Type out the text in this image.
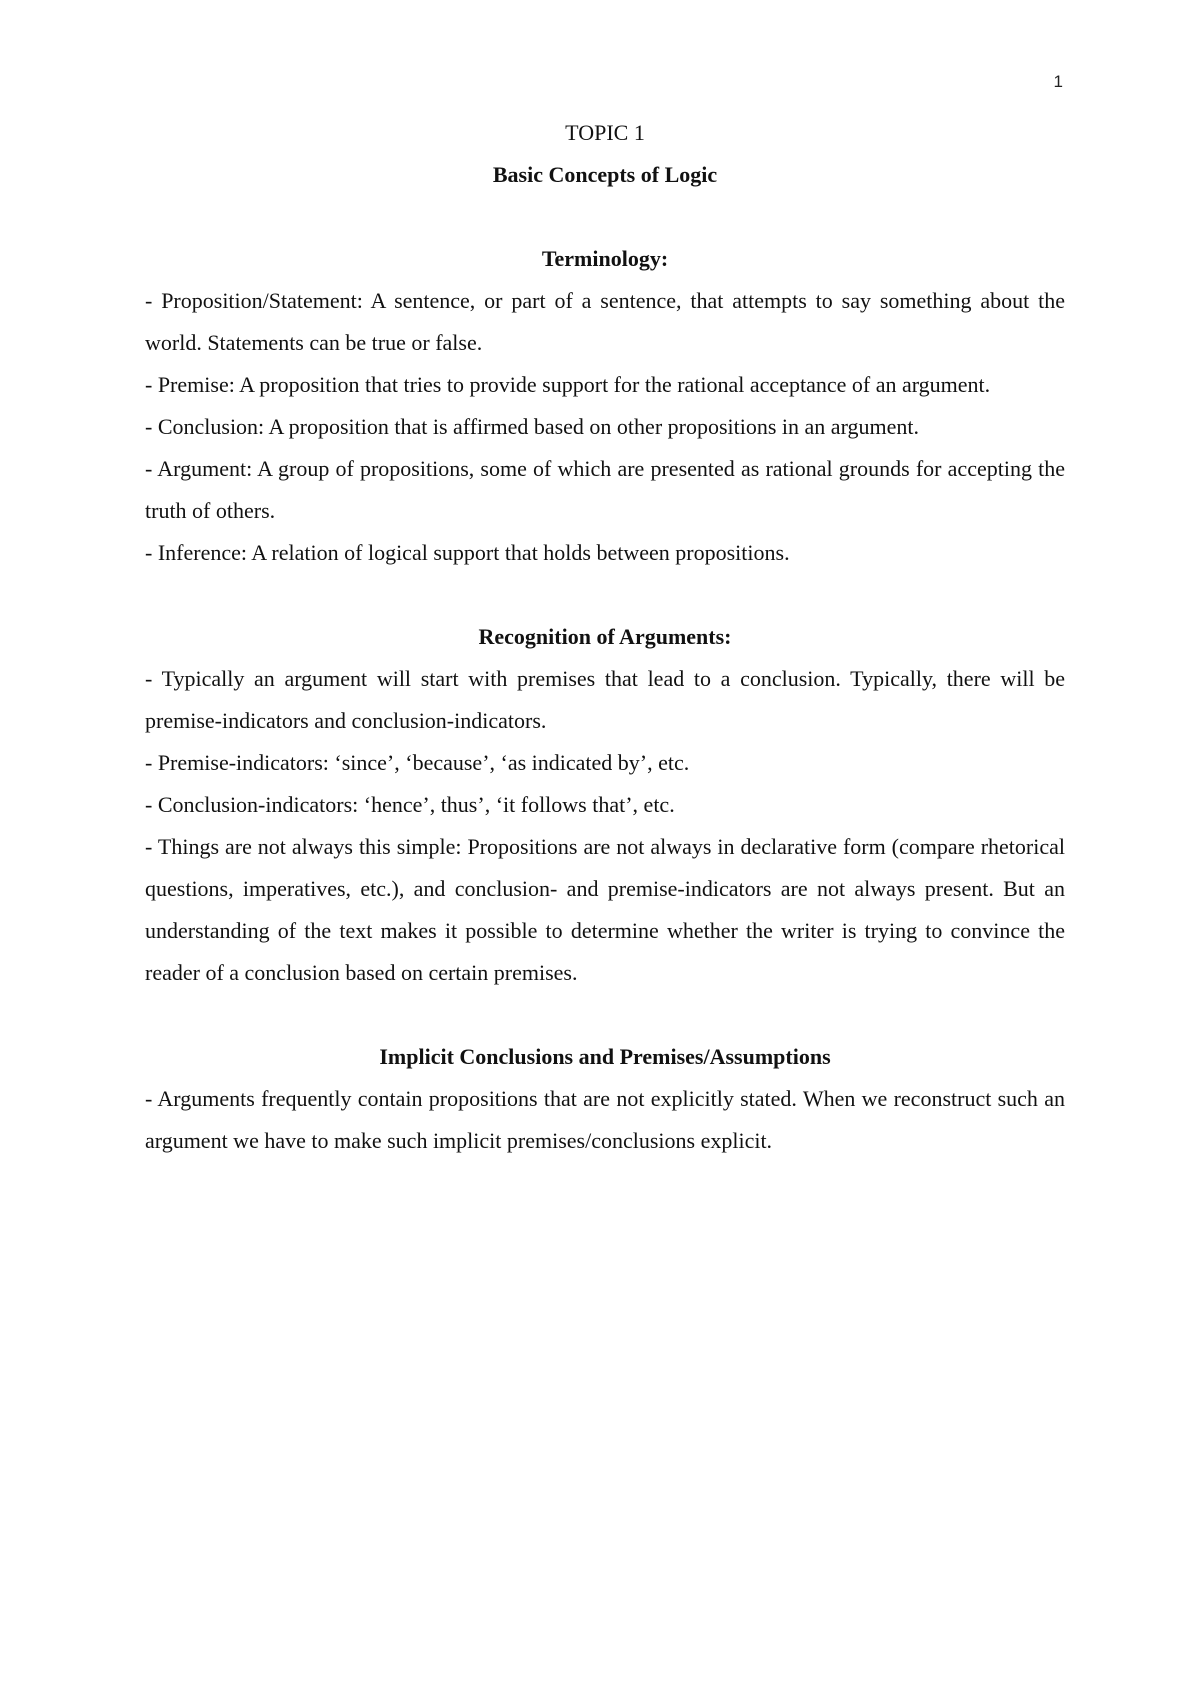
1
TOPIC 1
Basic Concepts of Logic
Terminology:

- Proposition/Statement: A sentence, or part of a sentence, that attempts to say something about the world. Statements can be true or false.

- Premise: A proposition that tries to provide support for the rational acceptance of an argument.

- Conclusion: A proposition that is affirmed based on other propositions in an argument.

- Argument: A group of propositions, some of which are presented as rational grounds for accepting the truth of others.

- Inference: A relation of logical support that holds between propositions.

Recognition of Arguments:

- Typically an argument will start with premises that lead to a conclusion. Typically, there will be premise-indicators and conclusion-indicators.

- Premise-indicators: ‘since’, ‘because’, ‘as indicated by’, etc.

- Conclusion-indicators: ‘hence’, thus’, ‘it follows that’, etc.

- Things are not always this simple: Propositions are not always in declarative form (compare rhetorical questions, imperatives, etc.), and conclusion- and premise-indicators are not always present. But an understanding of the text makes it possible to determine whether the writer is trying to convince the reader of a conclusion based on certain premises.

Implicit Conclusions and Premises/Assumptions

- Arguments frequently contain propositions that are not explicitly stated. When we reconstruct such an argument we have to make such implicit premises/conclusions explicit.
